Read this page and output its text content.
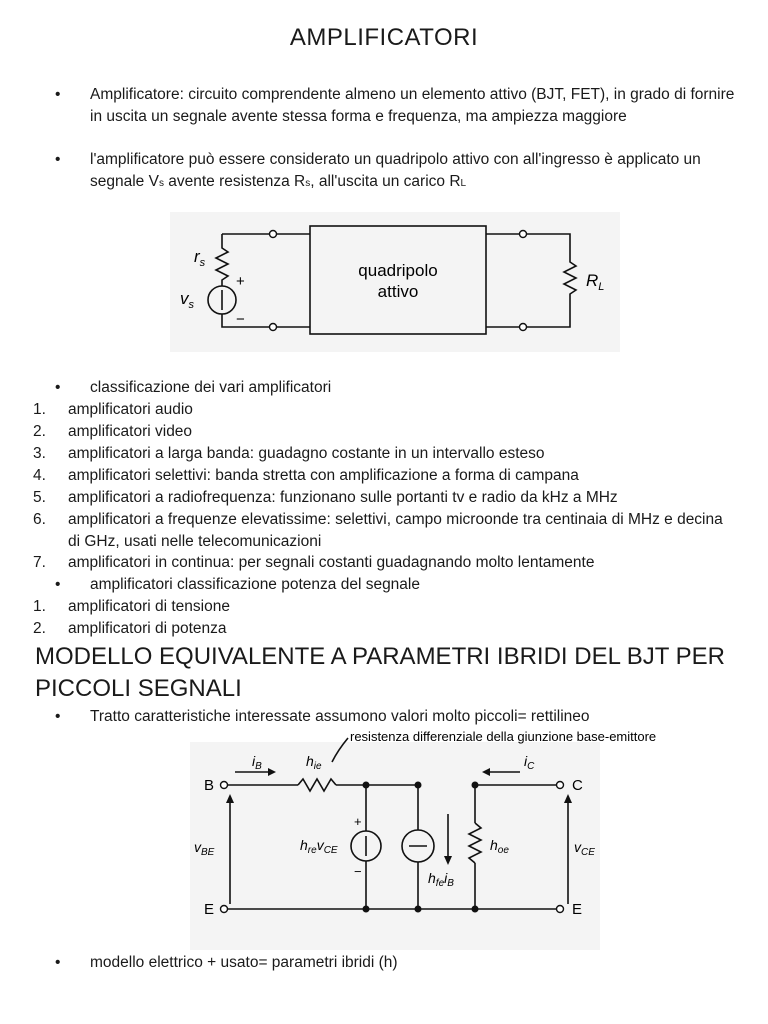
AMPLIFICATORI
• Amplificatore: circuito comprendente almeno un elemento attivo (BJT, FET), in grado di fornire in uscita un segnale avente stessa forma e frequenza, ma ampiezza maggiore
• l'amplificatore può essere considerato un quadripolo attivo con all'ingresso è applicato un segnale Vs avente resistenza Rs, all'uscita un carico RL
quadripolo
attivo
$r_s$
$v_s$
+
−
$R_L$
• classificazione dei vari amplificatori
1. amplificatori audio
2. amplificatori video
3. amplificatori a larga banda: guadagno costante in un intervallo esteso
4. amplificatori selettivi: banda stretta con amplificazione a forma di campana
5. amplificatori a radiofrequenza: funzionano sulle portanti tv e radio da kHz a MHz
6. amplificatori a frequenze elevatissime: selettivi, campo microonde tra centinaia di MHz e decina di GHz, usati nelle telecomunicazioni
7. amplificatori in continua: per segnali costanti guadagnando molto lentamente
• amplificatori classificazione potenza del segnale
1. amplificatori di tensione
2. amplificatori di potenza
MODELLO EQUIVALENTE A PARAMETRI IBRIDI DEL BJT PER PICCOLI SEGNALI
• Tratto caratteristiche interessate assumono valori molto piccoli= rettilineo
resistenza differenziale della giunzione base-emittore
B	C
E	E
$i_B$	$i_C$
$h_{ie}$
$v_{BE}$	$v_{CE}$
$h_{re}v_{CE}$
+
−	$h_{fe}i_B$
$h_{oe}$
• modello elettrico + usato= parametri ibridi (h)
